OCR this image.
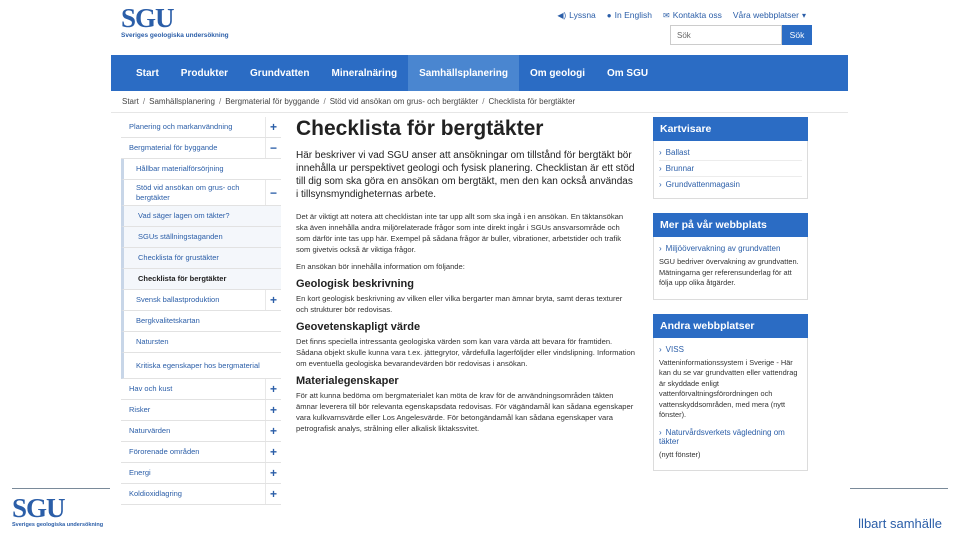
SGU
Sveriges geologiska undersökning	llbart samhälle
SGU
Sveriges geologiska undersökning
◀) Lyssna ● In English ✉ Kontakta oss Våra webbplatser ▾
Sök
Sök
Start	Produkter	Grundvatten	Mineralnäring	Samhällsplanering	Om geologi	Om SGU
Start / Samhällsplanering / Bergmaterial för byggande / Stöd vid ansökan om grus- och bergtäkter / Checklista för bergtäkter
Planering och markanvändning	+
Bergmaterial för byggande	−
Hållbar materialförsörjning
Stöd vid ansökan om grus- och bergtäkter	−
Vad säger lagen om täkter?
SGUs ställningstaganden
Checklista för grustäkter
Checklista för bergtäkter
Svensk ballastproduktion	+
Bergkvalitetskartan
Natursten
Kritiska egenskaper hos bergmaterial
Hav och kust	+
Risker	+
Naturvärden	+
Förorenade områden	+
Energi	+
Koldioxidlagring	+
Checklista för bergtäkter
Här beskriver vi vad SGU anser att ansökningar om tillstånd för bergtäkt bör innehålla ur perspektivet geologi och fysisk planering. Checklistan är ett stöd till dig som ska göra en ansökan om bergtäkt, men den kan också användas i tillsynsmyndigheternas arbete.

Det är viktigt att notera att checklistan inte tar upp allt som ska ingå i en ansökan. En täktansökan ska även innehålla andra miljörelaterade frågor som inte direkt ingår i SGUs ansvarsområde och som därför inte tas upp här. Exempel på sådana frågor är buller, vibrationer, arbetstider och trafik som givetvis också är viktiga frågor.

En ansökan bör innehålla information om följande:

Geologisk beskrivning

En kort geologisk beskrivning av vilken eller vilka bergarter man ämnar bryta, samt deras texturer och strukturer bör redovisas.

Geovetenskapligt värde

Det finns speciella intressanta geologiska värden som kan vara värda att bevara för framtiden. Sådana objekt skulle kunna vara t.ex. jättegrytor, vårdefulla lagerföljder eller vindslipning. Information om eventuella geologiska bevarandevärden bör redovisas i ansökan.

Materialegenskaper

För att kunna bedöma om bergmaterialet kan möta de krav för de användningsområden täkten ämnar leverera till bör relevanta egenskapsdata redovisas. För vägändamål kan sådana egenskaper vara kulkvarnsvärde eller Los Angelesvärde. För betongändamål kan sådana egenskaper vara petrografisk analys, strålning eller alkalisk liktakssvitet.

Kartvisare
› Ballast
› Brunnar
› Grundvattenmagasin
Mer på vår webbplats
› Miljöövervakning av grundvatten
SGU bedriver övervakning av grundvatten. Mätningarna ger referensunderlag för att följa upp olika åtgärder.
Andra webbplatser
› VISS
Vatteninformationssystem i Sverige - Här kan du se var grundvatten eller vattendrag är skyddade enligt vattenförvaltningsförordningen och vattenskyddsområden, med mera (nytt fönster).
› Naturvårdsverkets vägledning om täkter
(nytt fönster)
